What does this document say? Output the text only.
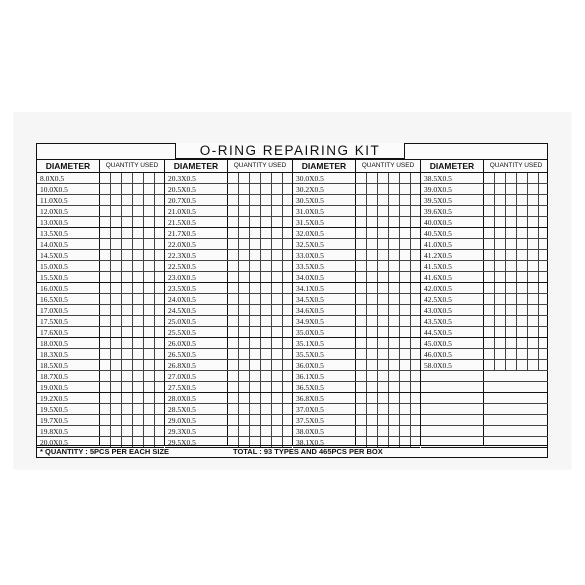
O-RING REPAIRING KIT
DIAMETER	QUANTITY USED
8.0X0.5
10.0X0.5
11.0X0.5
12.0X0.5
13.0X0.5
13.5X0.5
14.0X0.5
14.5X0.5
15.0X0.5
15.5X0.5
16.0X0.5
16.5X0.5
17.0X0.5
17.5X0.5
17.6X0.5
18.0X0.5
18.3X0.5
18.5X0.5
18.7X0.5
19.0X0.5
19.2X0.5
19.5X0.5
19.7X0.5
19.8X0.5
20.0X0.5
DIAMETER	QUANTITY USED
20.3X0.5
20.5X0.5
20.7X0.5
21.0X0.5
21.5X0.5
21.7X0.5
22.0X0.5
22.3X0.5
22.5X0.5
23.0X0.5
23.5X0.5
24.0X0.5
24.5X0.5
25.0X0.5
25.5X0.5
26.0X0.5
26.5X0.5
26.8X0.5
27.0X0.5
27.5X0.5
28.0X0.5
28.5X0.5
29.0X0.5
29.3X0.5
29.5X0.5
DIAMETER	QUANTITY USED
30.0X0.5
30.2X0.5
30.5X0.5
31.0X0.5
31.5X0.5
32.0X0.5
32.5X0.5
33.0X0.5
33.5X0.5
34.0X0.5
34.1X0.5
34.5X0.5
34.6X0.5
34.9X0.5
35.0X0.5
35.1X0.5
35.5X0.5
36.0X0.5
36.1X0.5
36.5X0.5
36.8X0.5
37.0X0.5
37.5X0.5
38.0X0.5
38.1X0.5
DIAMETER	QUANTITY USED
38.5X0.5
39.0X0.5
39.5X0.5
39.6X0.5
40.0X0.5
40.5X0.5
41.0X0.5
41.2X0.5
41.5X0.5
41.6X0.5
42.0X0.5
42.5X0.5
43.0X0.5
43.5X0.5
44.5X0.5
45.0X0.5
46.0X0.5
58.0X0.5
* QUANTITY : 5PCS PER EACH SIZE	TOTAL : 93 TYPES AND 465PCS PER BOX
